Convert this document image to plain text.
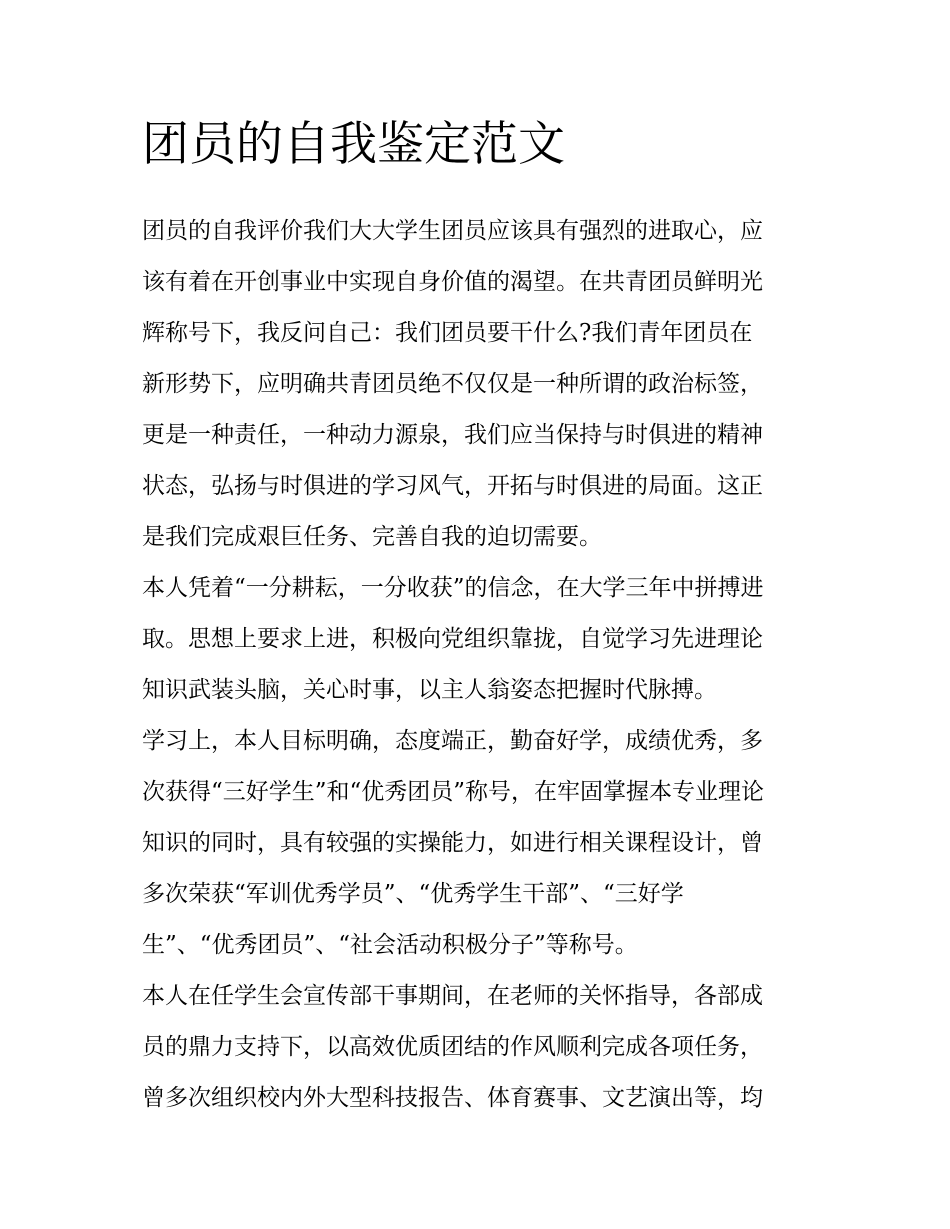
团员的自我鉴定范文
团员的自我评价我们大大学生团员应该具有强烈的进取心，应
该有着在开创事业中实现自身价值的渴望。在共青团员鲜明光
辉称号下，我反问自己：我们团员要干什么?我们青年团员在
新形势下，应明确共青团员绝不仅仅是一种所谓的政治标签，
更是一种责任，一种动力源泉，我们应当保持与时俱进的精神
状态，弘扬与时俱进的学习风气，开拓与时俱进的局面。这正
是我们完成艰巨任务、完善自我的迫切需要。
本人凭着“一分耕耘，一分收获”的信念，在大学三年中拼搏进
取。思想上要求上进，积极向党组织靠拢，自觉学习先进理论
知识武装头脑，关心时事，以主人翁姿态把握时代脉搏。
学习上，本人目标明确，态度端正，勤奋好学，成绩优秀，多
次获得“三好学生”和“优秀团员”称号，在牢固掌握本专业理论
知识的同时，具有较强的实操能力，如进行相关课程设计，曾
多次荣获“军训优秀学员”、“优秀学生干部”、“三好学
生”、“优秀团员”、“社会活动积极分子”等称号。
本人在任学生会宣传部干事期间，在老师的关怀指导，各部成
员的鼎力支持下，以高效优质团结的作风顺利完成各项任务，
曾多次组织校内外大型科技报告、体育赛事、文艺演出等，均
